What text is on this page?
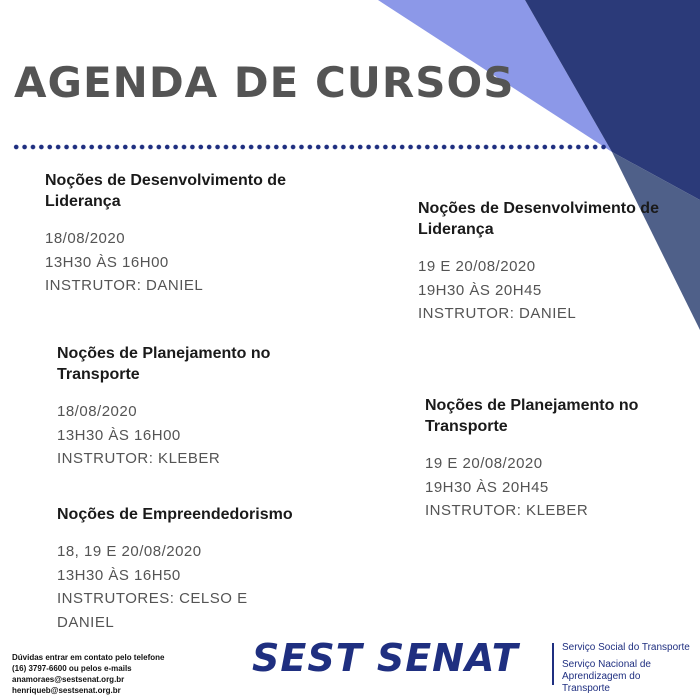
AGENDA DE CURSOS
Noções de Desenvolvimento de Liderança
18/08/2020
13H30 ÀS 16H00
INSTRUTOR: DANIEL
Noções de Desenvolvimento de Liderança
19 E 20/08/2020
19H30 ÀS 20H45
INSTRUTOR: DANIEL
Noções de Planejamento no Transporte
18/08/2020
13H30 ÀS 16H00
INSTRUTOR: KLEBER
Noções de Planejamento no Transporte
19 E 20/08/2020
19H30 ÀS 20H45
INSTRUTOR: KLEBER
Noções de Empreendedorismo
18, 19 E 20/08/2020
13H30 ÀS 16H50
INSTRUTORES: CELSO E DANIEL
Dúvidas entrar em contato pelo telefone
(16) 3797-6600 ou pelos e-mails
anamoraes@sestsenat.org.br
henriqueb@sestsenat.org.br
SEST SENAT	Serviço Social do Transporte
Serviço Nacional de Aprendizagem do Transporte
